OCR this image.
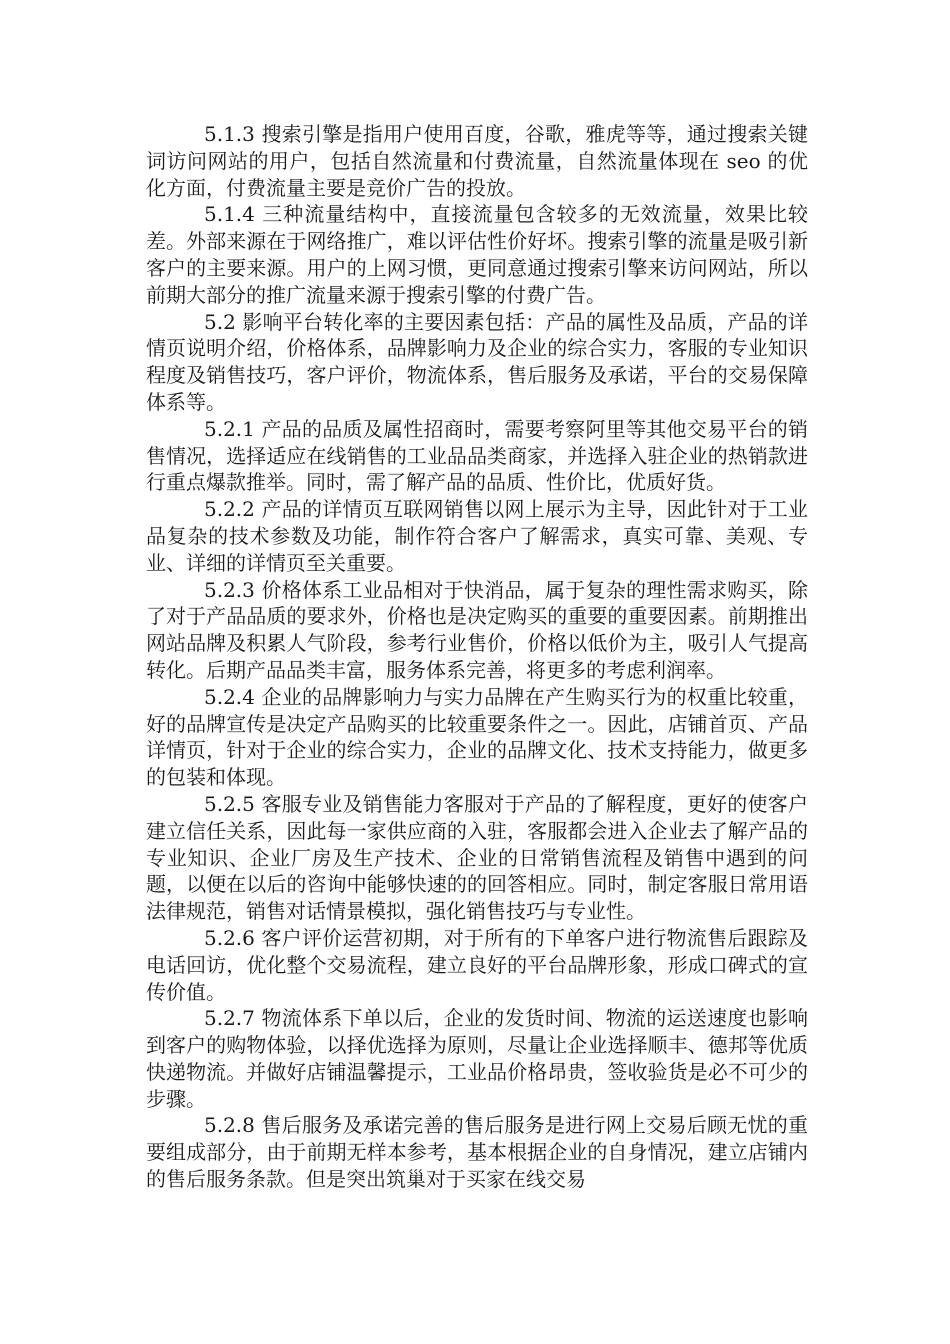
5.1.3 搜索引擎是指用户使用百度，谷歌，雅虎等等，通过搜索关键词访问网站的用户，包括自然流量和付费流量，自然流量体现在 seo 的优化方面，付费流量主要是竞价广告的投放。

5.1.4 三种流量结构中，直接流量包含较多的无效流量，效果比较差。外部来源在于网络推广，难以评估性价好坏。搜索引擎的流量是吸引新客户的主要来源。用户的上网习惯，更同意通过搜索引擎来访问网站，所以前期大部分的推广流量来源于搜索引擎的付费广告。

5.2 影响平台转化率的主要因素包括：产品的属性及品质，产品的详情页说明介绍，价格体系，品牌影响力及企业的综合实力，客服的专业知识程度及销售技巧，客户评价，物流体系，售后服务及承诺，平台的交易保障体系等。

5.2.1 产品的品质及属性招商时，需要考察阿里等其他交易平台的销售情况，选择适应在线销售的工业品品类商家，并选择入驻企业的热销款进行重点爆款推举。同时，需了解产品的品质、性价比，优质好货。

5.2.2 产品的详情页互联网销售以网上展示为主导，因此针对于工业品复杂的技术参数及功能，制作符合客户了解需求，真实可靠、美观、专业、详细的详情页至关重要。

5.2.3 价格体系工业品相对于快消品，属于复杂的理性需求购买，除了对于产品品质的要求外，价格也是决定购买的重要的重要因素。前期推出网站品牌及积累人气阶段，参考行业售价，价格以低价为主，吸引人气提高转化。后期产品品类丰富，服务体系完善，将更多的考虑利润率。

5.2.4 企业的品牌影响力与实力品牌在产生购买行为的权重比较重，好的品牌宣传是决定产品购买的比较重要条件之一。因此，店铺首页、产品详情页，针对于企业的综合实力，企业的品牌文化、技术支持能力，做更多的包装和体现。

5.2.5 客服专业及销售能力客服对于产品的了解程度，更好的使客户建立信任关系，因此每一家供应商的入驻，客服都会进入企业去了解产品的专业知识、企业厂房及生产技术、企业的日常销售流程及销售中遇到的问题，以便在以后的咨询中能够快速的的回答相应。同时，制定客服日常用语法律规范，销售对话情景模拟，强化销售技巧与专业性。

5.2.6 客户评价运营初期，对于所有的下单客户进行物流售后跟踪及电话回访，优化整个交易流程，建立良好的平台品牌形象，形成口碑式的宣传价值。

5.2.7 物流体系下单以后，企业的发货时间、物流的运送速度也影响到客户的购物体验，以择优选择为原则，尽量让企业选择顺丰、德邦等优质快递物流。并做好店铺温馨提示，工业品价格昂贵，签收验货是必不可少的步骤。

5.2.8 售后服务及承诺完善的售后服务是进行网上交易后顾无忧的重要组成部分，由于前期无样本参考，基本根据企业的自身情况，建立店铺内的售后服务条款。但是突出筑巢对于买家在线交易
